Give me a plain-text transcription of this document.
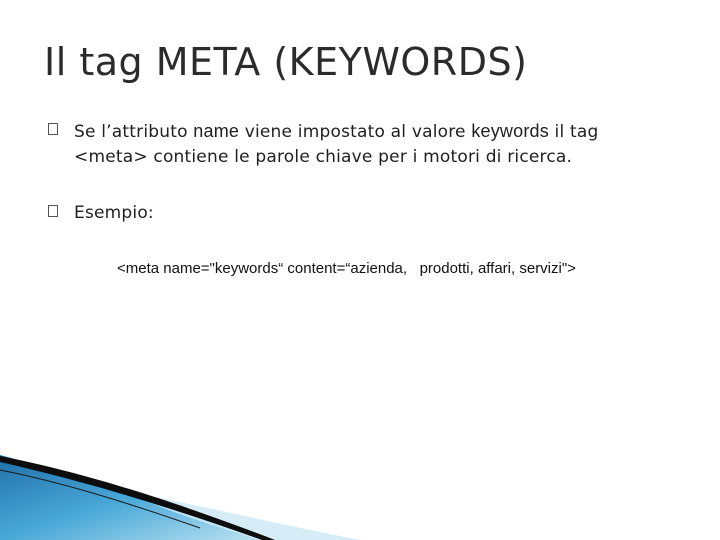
Il tag META (KEYWORDS)
Se l’attributo name viene impostato al valore keywords il tag <meta> contiene le parole chiave per i motori di ricerca.
Esempio:
<meta name="keywords“ content=“azienda,   prodotti, affari, servizi">
